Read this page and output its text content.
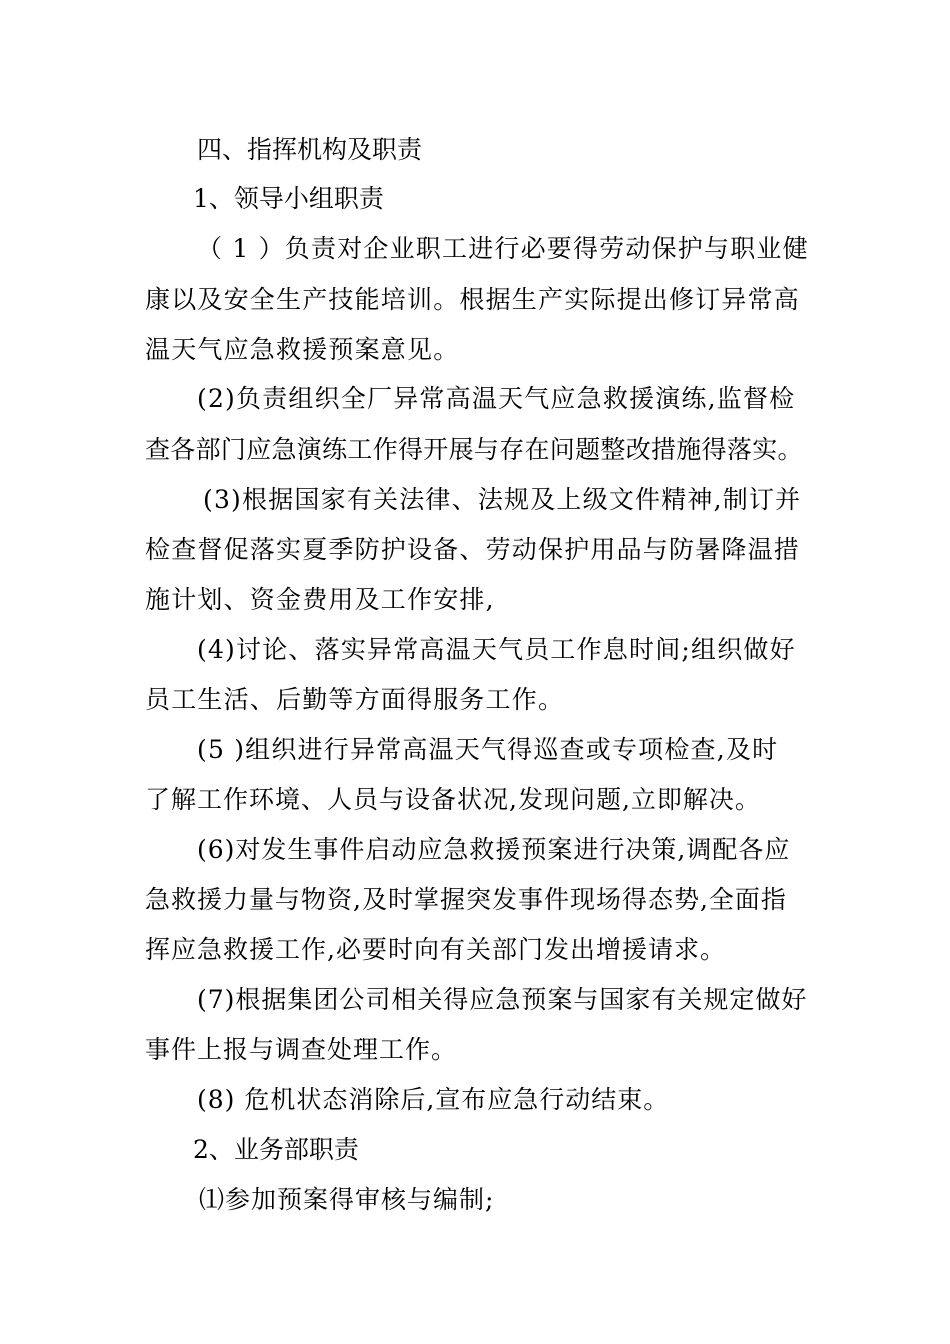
四、指挥机构及职责

1、领导小组职责

（ 1 ）负责对企业职工进行必要得劳动保护与职业健

康以及安全生产技能培训。根据生产实际提出修订异常高

温天气应急救援预案意见。

(2)负责组织全厂异常高温天气应急救援演练,监督检

查各部门应急演练工作得开展与存在问题整改措施得落实。

(3)根据国家有关法律、法规及上级文件精神,制订并

检查督促落实夏季防护设备、劳动保护用品与防暑降温措

施计划、资金费用及工作安排,

(4)讨论、落实异常高温天气员工作息时间;组织做好

员工生活、后勤等方面得服务工作。

(5 )组织进行异常高温天气得巡查或专项检查,及时

了解工作环境、人员与设备状况,发现问题,立即解决。

(6)对发生事件启动应急救援预案进行决策,调配各应

急救援力量与物资,及时掌握突发事件现场得态势,全面指

挥应急救援工作,必要时向有关部门发出增援请求。

(7)根据集团公司相关得应急预案与国家有关规定做好

事件上报与调查处理工作。

(8) 危机状态消除后,宣布应急行动结束。

2、业务部职责

⑴参加预案得审核与编制;
